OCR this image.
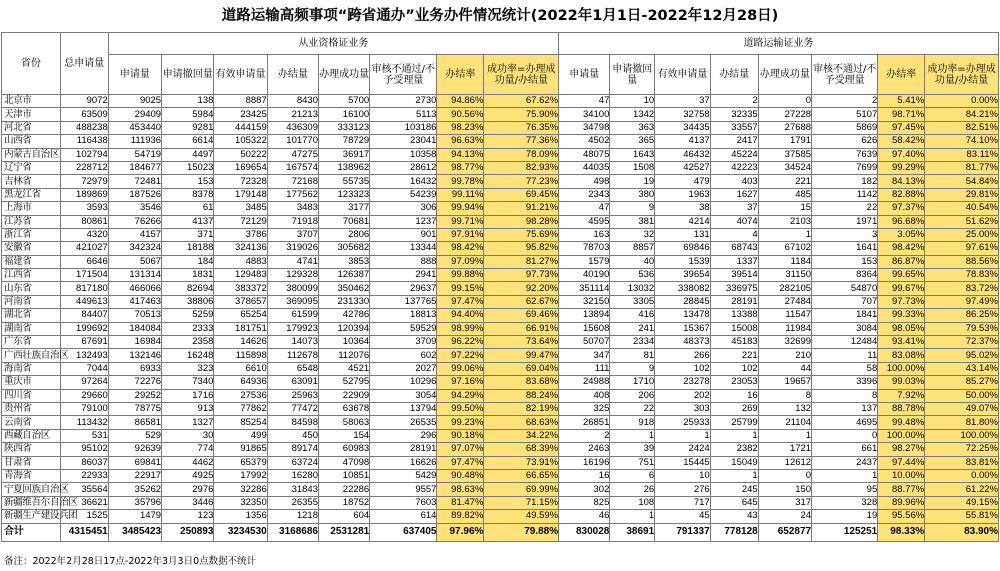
道路运输高频事项“跨省通办”业务办件情况统计(2022年1月1日-2022年12月28日)
省份	总申请量	从业资格证业务								道路运输证业务							
		申请量	申请撤回量	有效申请量	办结量	办理成功量	审核不通过/不予受理量	办结率	成功率=办理成功量/办结量	申请量	申请撤回量	有效申请量	办结量	办理成功量	审核不通过/不予受理量	办结率	成功率=办理成功量/办结量
北京市	9072	9025	138	8887	8430	5700	2730	94.86%	67.62%	47	10	37	2	0	2	5.41%	0.00%
天津市	63509	29409	5984	23425	21213	16100	5113	90.56%	75.90%	34100	1342	32758	32335	27228	5107	98.71%	84.21%
河北省	488238	453440	9281	444159	436309	333123	103186	98.23%	76.35%	34798	363	34435	33557	27688	5869	97.45%	82.51%
山西省	116438	111936	6614	105322	101770	78729	23041	96.63%	77.36%	4502	365	4137	2417	1791	626	58.42%	74.10%
内蒙古自治区	102794	54719	4497	50222	47275	36917	10358	94.13%	78.09%	48075	1643	46432	45224	37585	7639	97.40%	83.11%
辽宁省	228712	184677	15023	169654	167574	138962	28612	98.77%	82.93%	44035	1508	42527	42223	34524	7699	99.29%	81.77%
吉林省	72979	72481	153	72328	72168	55735	16432	99.78%	77.23%	498	19	479	403	221	182	84.13%	54.84%
黑龙江省	189869	187526	8378	179148	177562	123323	54239	99.11%	69.45%	2343	380	1963	1627	485	1142	82.88%	29.81%
上海市	3593	3546	61	3485	3483	3177	306	99.94%	91.21%	47	9	38	37	15	22	97.37%	40.54%
江苏省	80861	76266	4137	72129	71918	70681	1237	99.71%	98.28%	4595	381	4214	4074	2103	1971	96.68%	51.62%
浙江省	4320	4157	371	3786	3707	2806	901	97.91%	75.69%	163	32	131	4	1	3	3.05%	25.00%
安徽省	421027	342324	18188	324136	319026	305682	13344	98.42%	95.82%	78703	8857	69846	68743	67102	1641	98.42%	97.61%
福建省	6646	5067	184	4883	4741	3853	888	97.09%	81.27%	1579	40	1539	1337	1184	153	86.87%	88.56%
江西省	171504	131314	1831	129483	129328	126387	2941	99.88%	97.73%	40190	536	39654	39514	31150	8364	99.65%	78.83%
山东省	817180	466066	82694	383372	380099	350462	29637	99.15%	92.20%	351114	13032	338082	336975	282105	54870	99.67%	83.72%
河南省	449613	417463	38806	378657	369095	231330	137765	97.47%	62.67%	32150	3305	28845	28191	27484	707	97.73%	97.49%
湖北省	84407	70513	5259	65254	61599	42786	18813	94.40%	69.46%	13894	416	13478	13388	11547	1841	99.33%	86.25%
湖南省	199692	184084	2333	181751	179923	120394	59529	98.99%	66.91%	15608	241	15367	15008	11984	3084	98.05%	79.53%
广东省	67691	16984	2358	14626	14073	10364	3709	96.22%	73.64%	50707	2334	48373	45183	32699	12484	93.41%	72.37%
广西壮族自治区	132493	132146	16248	115898	112678	112076	602	97.22%	99.47%	347	81	266	221	210	11	83.08%	95.02%
海南省	7044	6933	323	6610	6548	4521	2027	99.06%	69.04%	111	9	102	102	44	58	100.00%	43.14%
重庆市	97264	72276	7340	64936	63091	52795	10296	97.16%	83.68%	24988	1710	23278	23053	19657	3396	99.03%	85.27%
四川省	29660	29252	1716	27536	25963	22909	3054	94.29%	88.24%	408	206	202	16	8	8	7.92%	50.00%
贵州省	79100	78775	913	77862	77472	63678	13794	99.50%	82.19%	325	22	303	269	132	137	88.78%	49.07%
云南省	113432	86581	1327	85254	84598	58063	26535	99.23%	68.63%	26851	918	25933	25799	21104	4695	99.48%	81.80%
西藏自治区	531	529	30	499	450	154	296	90.18%	34.22%	2	1	1	1	1	0	100.00%	100.00%
陕西省	95102	92639	774	91865	89174	60983	28191	97.07%	68.39%	2463	39	2424	2382	1721	661	98.27%	72.25%
甘肃省	86037	69841	4462	65379	63724	47098	16626	97.47%	73.91%	16196	751	15445	15049	12612	2437	97.44%	83.81%
青海省	22933	22917	4925	17992	16280	10851	5429	90.48%	66.65%	16	6	10	1	0	1	10.00%	0.00%
宁夏回族自治区	35564	35262	2976	32286	31843	22286	9557	98.63%	69.99%	302	26	276	245	150	95	88.77%	61.22%
新疆维吾尔自治区	36621	35796	3446	32350	26355	18752	7603	81.47%	71.15%	825	108	717	645	317	328	89.96%	49.15%
新疆生产建设兵团	1525	1479	123	1356	1218	604	614	89.82%	49.59%	46	1	45	43	24	19	95.56%	55.81%
合计	4315451	3485423	250893	3234530	3168686	2531281	637405	97.96%	79.88%	830028	38691	791337	778128	652877	125251	98.33%	83.90%
备注：2022年2月28日17点-2022年3月3日0点数据不统计
